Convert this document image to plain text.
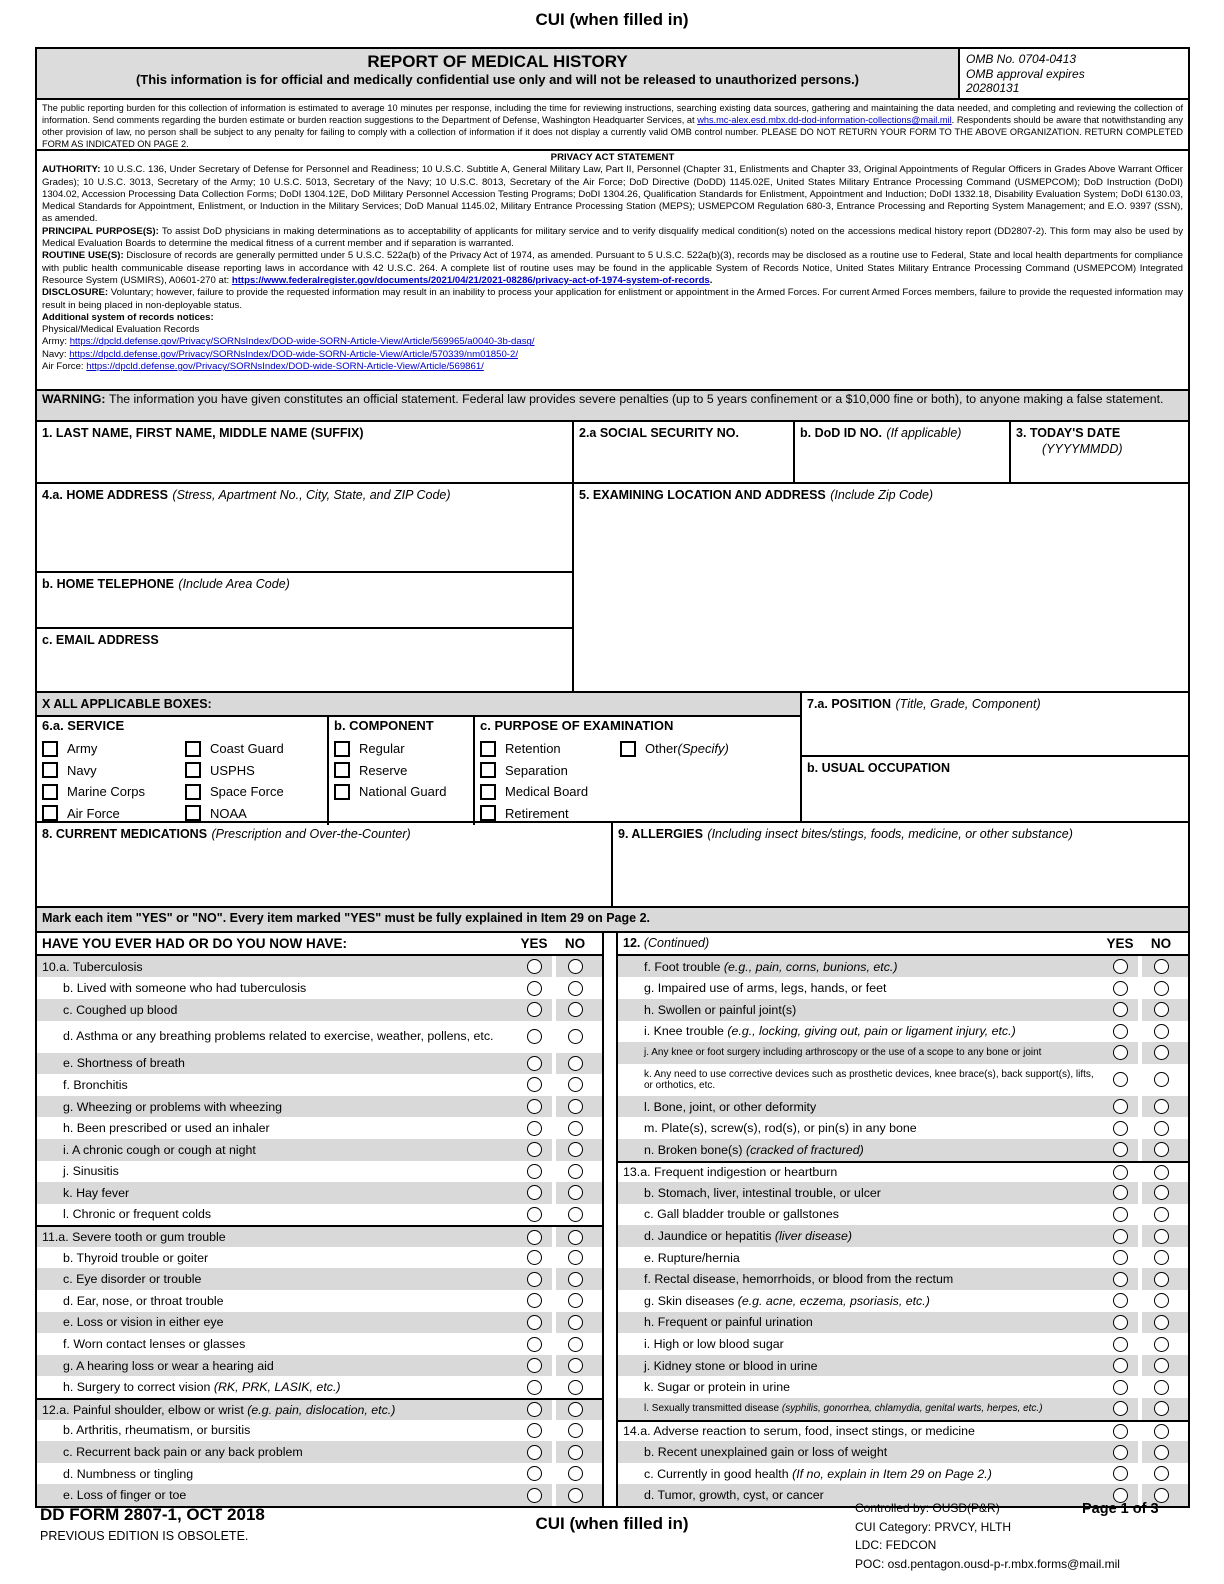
CUI (when filled in)
REPORT OF MEDICAL HISTORY
(This information is for official and medically confidential use only and will not be released to unauthorized persons.)
OMB No. 0704-0413
OMB approval expires
20280131
The public reporting burden for this collection of information is estimated to average 10 minutes per response, including the time for reviewing instructions, searching existing data sources, gathering and maintaining the data needed, and completing and reviewing the collection of information. Send comments regarding the burden estimate or burden reaction suggestions to the Department of Defense, Washington Headquarter Services, at whs.mc-alex.esd.mbx.dd-dod-information-collections@mail.mil. Respondents should be aware that notwithstanding any other provision of law, no person shall be subject to any penalty for failing to comply with a collection of information if it does not display a currently valid OMB control number. PLEASE DO NOT RETURN YOUR FORM TO THE ABOVE ORGANIZATION. RETURN COMPLETED FORM AS INDICATED ON PAGE 2.
PRIVACY ACT STATEMENT

AUTHORITY: 10 U.S.C. 136, Under Secretary of Defense for Personnel and Readiness; 10 U.S.C. Subtitle A, General Military Law, Part II, Personnel (Chapter 31, Enlistments and Chapter 33, Original Appointments of Regular Officers in Grades Above Warrant Officer Grades); 10 U.S.C. 3013, Secretary of the Army; 10 U.S.C. 5013, Secretary of the Navy; 10 U.S.C. 8013, Secretary of the Air Force; DoD Directive (DoDD) 1145.02E, United States Military Entrance Processing Command (USMEPCOM); DoD Instruction (DoDI) 1304.02, Accession Processing Data Collection Forms; DoDI 1304.12E, DoD Military Personnel Accession Testing Programs; DoDI 1304.26, Qualification Standards for Enlistment, Appointment and Induction; DoDI 1332.18, Disability Evaluation System; DoDI 6130.03, Medical Standards for Appointment, Enlistment, or Induction in the Military Services; DoD Manual 1145.02, Military Entrance Processing Station (MEPS); USMEPCOM Regulation 680-3, Entrance Processing and Reporting System Management; and E.O. 9397 (SSN), as amended.

PRINCIPAL PURPOSE(S): To assist DoD physicians in making determinations as to acceptability of applicants for military service and to verify disqualify medical condition(s) noted on the accessions medical history report (DD2807-2). This form may also be used by Medical Evaluation Boards to determine the medical fitness of a current member and if separation is warranted.

ROUTINE USE(S): Disclosure of records are generally permitted under 5 U.S.C. 522a(b) of the Privacy Act of 1974, as amended. Pursuant to 5 U.S.C. 522a(b)(3), records may be disclosed as a routine use to Federal, State and local health departments for compliance with public health communicable disease reporting laws in accordance with 42 U.S.C. 264. A complete list of routine uses may be found in the applicable System of Records Notice, United States Military Entrance Processing Command (USMEPCOM) Integrated Resource System (USMIRS), A0601-270 at: https://www.federalregister.gov/documents/2021/04/21/2021-08286/privacy-act-of-1974-system-of-records.

DISCLOSURE: Voluntary; however, failure to provide the requested information may result in an inability to process your application for enlistment or appointment in the Armed Forces. For current Armed Forces members, failure to provide the requested information may result in being placed in non-deployable status.

Additional system of records notices:

Physical/Medical Evaluation Records

Army: https://dpcld.defense.gov/Privacy/SORNsIndex/DOD-wide-SORN-Article-View/Article/569965/a0040-3b-dasg/

Navy: https://dpcld.defense.gov/Privacy/SORNsIndex/DOD-wide-SORN-Article-View/Article/570339/nm01850-2/

Air Force: https://dpcld.defense.gov/Privacy/SORNsIndex/DOD-wide-SORN-Article-View/Article/569861/

WARNING: The information you have given constitutes an official statement. Federal law provides severe penalties (up to 5 years confinement or a $10,000 fine or both), to anyone making a false statement.
1. LAST NAME, FIRST NAME, MIDDLE NAME (SUFFIX)	2.a SOCIAL SECURITY NO.	b. DoD ID NO. (If applicable)	3. TODAY'S DATE
(YYYYMMDD)
4.a. HOME ADDRESS (Stress, Apartment No., City, State, and ZIP Code)
b. HOME TELEPHONE (Include Area Code)
c. EMAIL ADDRESS
5. EXAMINING LOCATION AND ADDRESS (Include Zip Code)
X ALL APPLICABLE BOXES:
6.a. SERVICE
Army
Navy
Marine Corps
Air Force
Coast Guard
USPHS
Space Force
NOAA
b. COMPONENT
Regular
Reserve
National Guard
c. PURPOSE OF EXAMINATION
Retention
Separation
Medical Board
Retirement
Other (Specify)
7.a. POSITION (Title, Grade, Component)
b. USUAL OCCUPATION
8. CURRENT MEDICATIONS (Prescription and Over-the-Counter)	9. ALLERGIES (Including insect bites/stings, foods, medicine, or other substance)
Mark each item "YES" or "NO". Every item marked "YES" must be fully explained in Item 29 on Page 2.
HAVE YOU EVER HAD OR DO YOU NOW HAVE:	YES	NO
10.a. Tuberculosis
b. Lived with someone who had tuberculosis
c. Coughed up blood
d. Asthma or any breathing problems related to exercise, weather, pollens, etc.
e. Shortness of breath
f. Bronchitis
g. Wheezing or problems with wheezing
h. Been prescribed or used an inhaler
i. A chronic cough or cough at night
j. Sinusitis
k. Hay fever
l. Chronic or frequent colds
11.a. Severe tooth or gum trouble
b. Thyroid trouble or goiter
c. Eye disorder or trouble
d. Ear, nose, or throat trouble
e. Loss or vision in either eye
f. Worn contact lenses or glasses
g. A hearing loss or wear a hearing aid
h. Surgery to correct vision (RK, PRK, LASIK, etc.)
12.a. Painful shoulder, elbow or wrist (e.g. pain, dislocation, etc.)
b. Arthritis, rheumatism, or bursitis
c. Recurrent back pain or any back problem
d. Numbness or tingling
e. Loss of finger or toe
12. (Continued)	YES	NO
f. Foot trouble (e.g., pain, corns, bunions, etc.)
g. Impaired use of arms, legs, hands, or feet
h. Swollen or painful joint(s)
i. Knee trouble (e.g., locking, giving out, pain or ligament injury, etc.)
j. Any knee or foot surgery including arthroscopy or the use of a scope to any bone or joint
k. Any need to use corrective devices such as prosthetic devices, knee brace(s), back support(s), lifts, or orthotics, etc.
l. Bone, joint, or other deformity
m. Plate(s), screw(s), rod(s), or pin(s) in any bone
n. Broken bone(s) (cracked of fractured)
13.a. Frequent indigestion or heartburn
b. Stomach, liver, intestinal trouble, or ulcer
c. Gall bladder trouble or gallstones
d. Jaundice or hepatitis (liver disease)
e. Rupture/hernia
f. Rectal disease, hemorrhoids, or blood from the rectum
g. Skin diseases (e.g. acne, eczema, psoriasis, etc.)
h. Frequent or painful urination
i. High or low blood sugar
j. Kidney stone or blood in urine
k. Sugar or protein in urine
l. Sexually transmitted disease (syphilis, gonorrhea, chlamydia, genital warts, herpes, etc.)
14.a. Adverse reaction to serum, food, insect stings, or medicine
b. Recent unexplained gain or loss of weight
c. Currently in good health (If no, explain in Item 29 on Page 2.)
d. Tumor, growth, cyst, or cancer
DD FORM 2807-1, OCT 2018
PREVIOUS EDITION IS OBSOLETE.
CUI (when filled in)
Controlled by: OUSD(P&R)
CUI Category: PRVCY, HLTH
LDC: FEDCON
POC: osd.pentagon.ousd-p-r.mbx.forms@mail.mil
Page 1 of 3
